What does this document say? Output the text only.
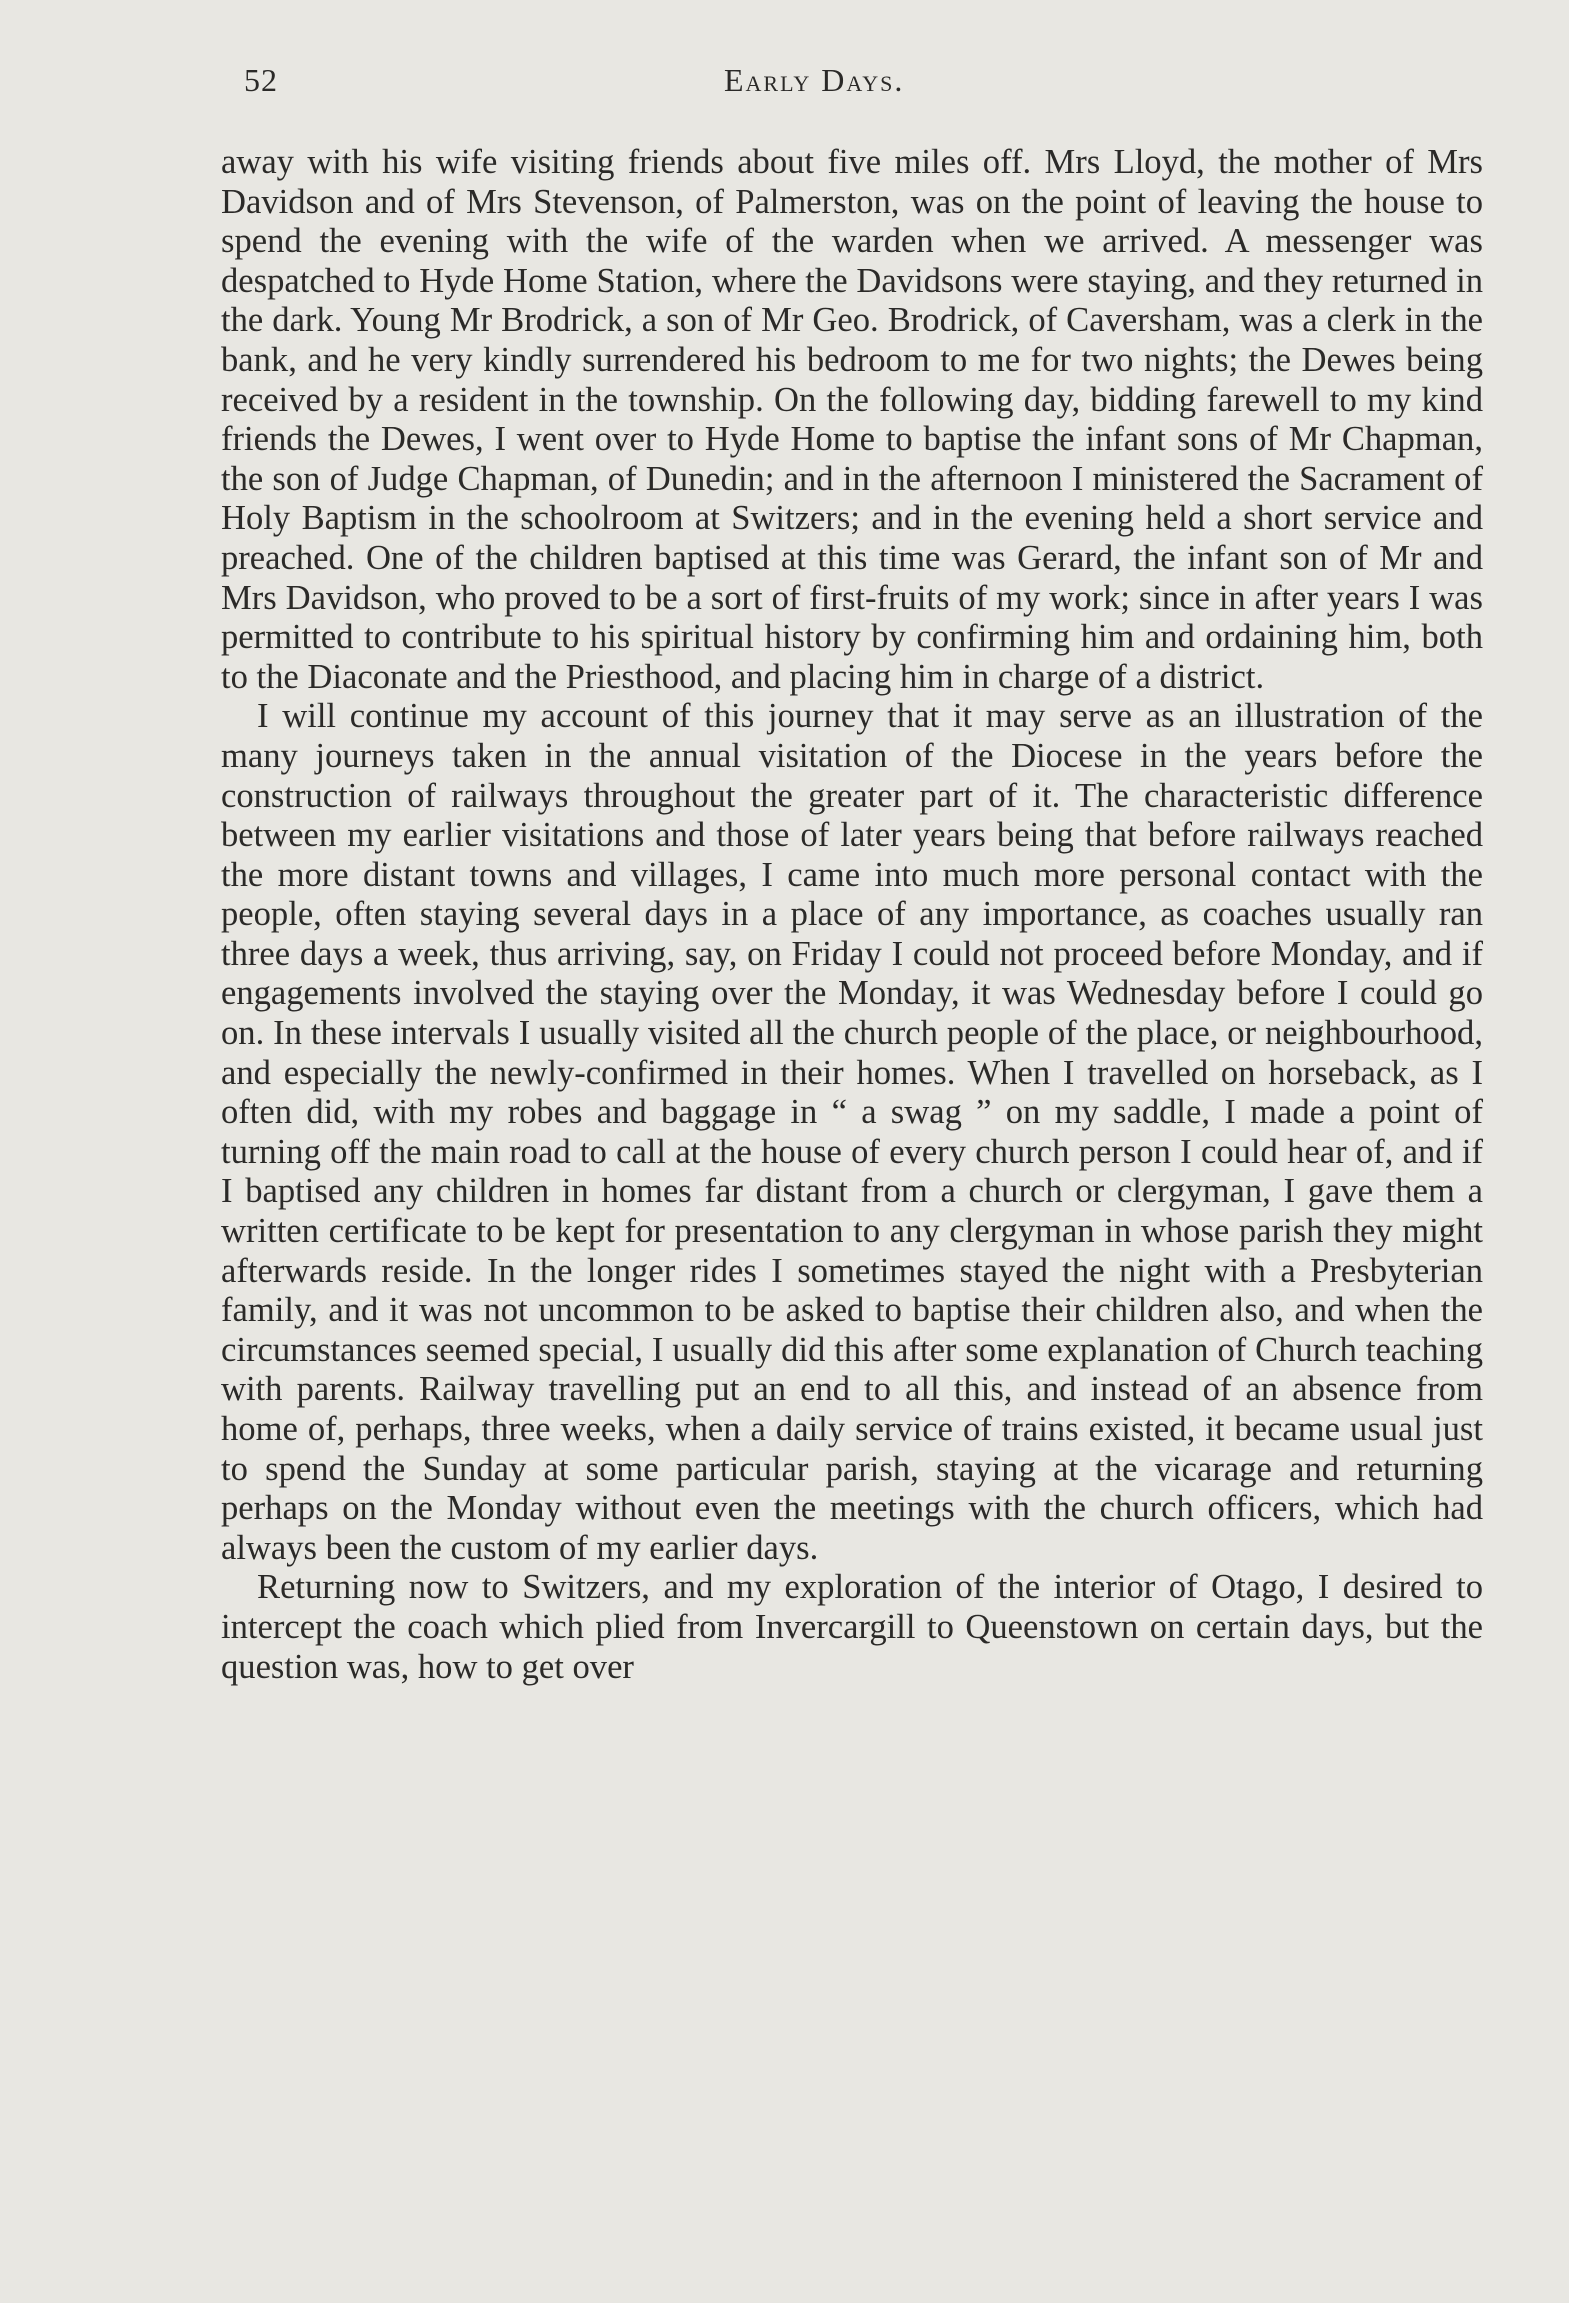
52	Early Days.

away with his wife visiting friends about five miles off. Mrs Lloyd, the mother of Mrs Davidson and of Mrs Stevenson, of Palmerston, was on the point of leaving the house to spend the evening with the wife of the warden when we arrived. A messenger was despatched to Hyde Home Station, where the Davidsons were staying, and they returned in the dark. Young Mr Brodrick, a son of Mr Geo. Brodrick, of Caversham, was a clerk in the bank, and he very kindly surrendered his bedroom to me for two nights; the Dewes being received by a resident in the township. On the following day, bidding farewell to my kind friends the Dewes, I went over to Hyde Home to baptise the infant sons of Mr Chapman, the son of Judge Chapman, of Dunedin; and in the afternoon I ministered the Sacrament of Holy Baptism in the schoolroom at Switzers; and in the evening held a short service and preached. One of the children baptised at this time was Gerard, the infant son of Mr and Mrs Davidson, who proved to be a sort of first-fruits of my work; since in after years I was permitted to contribute to his spiritual history by confirming him and ordaining him, both to the Diaconate and the Priesthood, and placing him in charge of a district.

I will continue my account of this journey that it may serve as an illustration of the many journeys taken in the annual visitation of the Diocese in the years before the construction of railways throughout the greater part of it. The characteristic difference between my earlier visitations and those of later years being that before railways reached the more distant towns and villages, I came into much more personal contact with the people, often staying several days in a place of any importance, as coaches usually ran three days a week, thus arriving, say, on Friday I could not proceed before Monday, and if engagements involved the staying over the Monday, it was Wednesday before I could go on. In these intervals I usually visited all the church people of the place, or neighbourhood, and especially the newly-confirmed in their homes. When I travelled on horseback, as I often did, with my robes and baggage in “ a swag ” on my saddle, I made a point of turning off the main road to call at the house of every church person I could hear of, and if I baptised any children in homes far distant from a church or clergyman, I gave them a written certificate to be kept for presentation to any clergyman in whose parish they might afterwards reside. In the longer rides I sometimes stayed the night with a Presbyterian family, and it was not uncommon to be asked to baptise their children also, and when the circumstances seemed special, I usually did this after some explanation of Church teaching with parents. Railway travelling put an end to all this, and instead of an absence from home of, perhaps, three weeks, when a daily service of trains existed, it became usual just to spend the Sunday at some particular parish, staying at the vicarage and returning perhaps on the Monday without even the meetings with the church officers, which had always been the custom of my earlier days.

Returning now to Switzers, and my exploration of the interior of Otago, I desired to intercept the coach which plied from Invercargill to Queenstown on certain days, but the question was, how to get over
